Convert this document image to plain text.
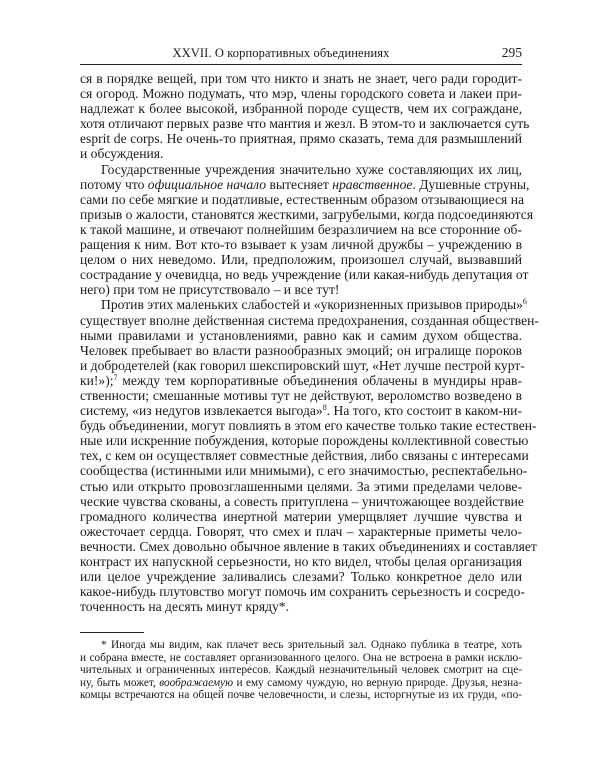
XXVII. О корпоративных объединениях	295
ся в порядке вещей, при том что никто и знать не знает, чего ради городит-
ся огород. Можно подумать, что мэр, члены городского совета и лакеи при-
надлежат к более высокой, избранной породе существ, чем их сограждане,
хотя отличают первых разве что мантия и жезл. В этом-то и заключается суть
esprit de corps. Не очень-то приятная, прямо сказать, тема для размышлений
и обсуждения.
Государственные учреждения значительно хуже составляющих их лиц,
потому что официальное начало вытесняет нравственное. Душевные струны,
сами по себе мягкие и податливые, естественным образом отзывающиеся на
призыв о жалости, становятся жесткими, загрубелыми, когда подсоединяются
к такой машине, и отвечают полнейшим безразличием на все сторонние об-
ращения к ним. Вот кто-то взывает к узам личной дружбы – учреждению в
целом о них неведомо. Или, предположим, произошел случай, вызвавший
сострадание у очевидца, но ведь учреждение (или какая-нибудь депутация от
него) при том не присутствовало – и все тут!
Против этих маленьких слабостей и «укоризненных призывов природы»$^6$
существует вполне действенная система предохранения, созданная обществен-
ными правилами и установлениями, равно как и самим духом общества.
Человек пребывает во власти разнообразных эмоций; он игралище пороков
и добродетелей (как говорил шекспировский шут, «Нет лучше пестрой курт-
ки!»);$^7$ между тем корпоративные объединения облачены в мундиры нрав-
ственности; смешанные мотивы тут не действуют, вероломство возведено в
систему, «из недугов извлекается выгода»$^8$. На того, кто состоит в каком-ни-
будь объединении, могут повлиять в этом его качестве только такие естествен-
ные или искренние побуждения, которые порождены коллективной совестью
тех, с кем он осуществляет совместные действия, либо связаны с интересами
сообщества (истинными или мнимыми), с его значимостью, респектабельно-
стью или открыто провозглашенными целями. За этими пределами челове-
ческие чувства скованы, а совесть притуплена – уничтожающее воздействие
громадного количества инертной материи умерщвляет лучшие чувства и
ожесточает сердца. Говорят, что смех и плач – характерные приметы чело-
вечности. Смех довольно обычное явление в таких объединениях и составляет
контраст их напускной серьезности, но кто видел, чтобы целая организация
или целое учреждение заливались слезами? Только конкретное дело или
какое-нибудь плутовство могут помочь им сохранить серьезность и сосредо-
точенность на десять минут кряду*.
* Иногда мы видим, как плачет весь зрительный зал. Однако публика в театре, хоть
и собрана вместе, не составляет организованного целого. Она не встроена в рамки исклю-
чительных и ограниченных интересов. Каждый незначительный человек смотрит на сце-
ну, быть может, воображаемую и ему самому чуждую, но верную природе. Друзья, незна-
комцы встречаются на общей почве человечности, и слезы, исторгнутые из их груди, «по-
